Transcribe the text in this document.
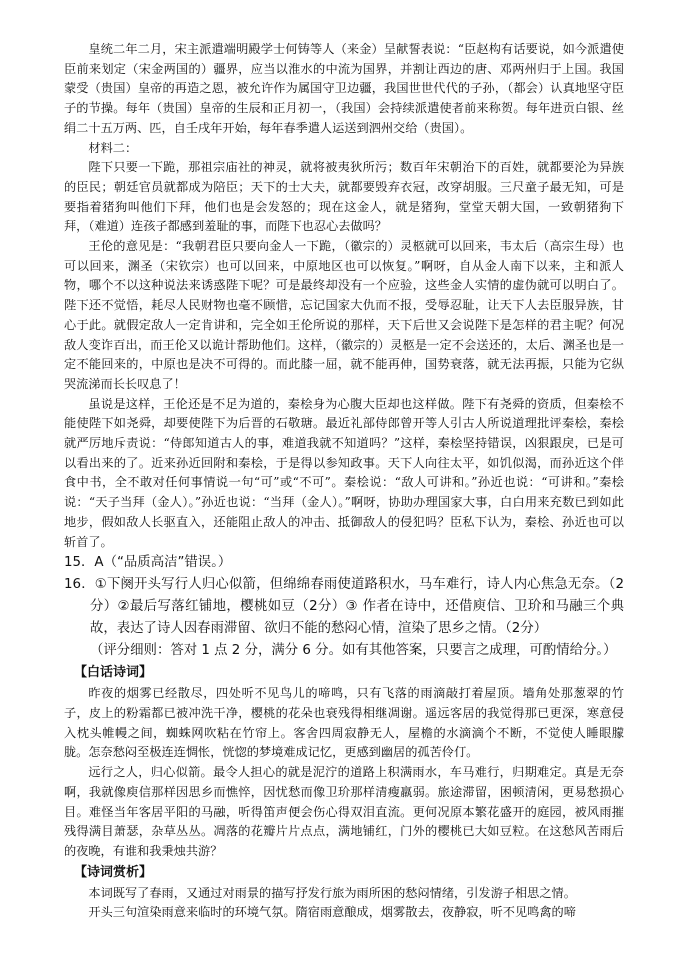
皇统二年二月，宋主派遣端明殿学士何铸等人（来金）呈献誓表说：“臣赵构有话要说，如今派遣使臣前来划定（宋金两国的）疆界，应当以淮水的中流为国界，并割让西边的唐、邓两州归于上国。我国蒙受（贵国）皇帝的再造之恩，被允许作为属国守卫边疆，我国世世代代的子孙，（都会）认真地坚守臣子的节操。每年（贵国）皇帝的生辰和正月初一，（我国）会持续派遣使者前来称贺。每年进贡白银、丝绢二十五万两、匹，自壬戌年开始，每年春季遣人运送到泗州交给（贵国）。

材料二：

陛下只要一下跪，那祖宗庙社的神灵，就将被夷狄所污；数百年宋朝治下的百姓，就都要沦为异族的臣民；朝廷官员就都成为陪臣；天下的士大夫，就都要毁弃衣冠，改穿胡服。三尺童子最无知，可是要指着猪狗叫他们下拜，他们也是会发怒的；现在这金人，就是猪狗，堂堂天朝大国，一致朝猪狗下拜，（难道）连孩子都感到羞耻的事，而陛下也忍心去做吗？

王伦的意见是：“我朝君臣只要向金人一下跪，（徽宗的）灵柩就可以回来，韦太后（高宗生母）也可以回来，渊圣（宋钦宗）也可以回来，中原地区也可以恢复。”啊呀，自从金人南下以来，主和派人物，哪个不以这种说法来诱惑陛下呢？可是最终却没有一个应验，这些金人实情的虚伪就可以明白了。陛下还不觉悟，耗尽人民财物也毫不顾惜，忘记国家大仇而不报，受辱忍耻，让天下人去臣服异族，甘心于此。就假定敌人一定肯讲和，完全如王伦所说的那样，天下后世又会说陛下是怎样的君主呢？何况敌人变诈百出，而王伦又以诡计帮助他们。这样，（徽宗的）灵柩是一定不会送还的，太后、渊圣也是一定不能回来的，中原也是决不可得的。而此膝一屈，就不能再伸，国势衰落，就无法再振，只能为它纵哭流涕而长长叹息了！

虽说是这样，王伦还是不足为道的，秦桧身为心腹大臣却也这样做。陛下有尧舜的资质，但秦桧不能使陛下如尧舜，却要使陛下为后晋的石敬瑭。最近礼部侍郎曾开等人引古人所说道理批评秦桧，秦桧就严厉地斥责说：“侍郎知道古人的事，难道我就不知道吗？”这样，秦桧坚持错误，凶狠跟戾，已是可以看出来的了。近来孙近回附和秦桧，于是得以参知政事。天下人向往太平，如饥似渴，而孙近这个伴食中书，全不敢对任何事情说一句“可”或“不可”。秦桧说：“敌人可讲和。”孙近也说：“可讲和。”秦桧说：“天子当拜（金人）。”孙近也说：“当拜（金人）。”啊呀，协助办理国家大事，白白用来充数已到如此地步，假如敌人长驱直入，还能阻止敌人的冲击、抵御敌人的侵犯吗？臣私下认为，秦桧、孙近也可以斩首了。

15．A（“品质高洁”错误。）

16．①下阕开头写行人归心似箭，但绵绵春雨使道路积水，马车难行，诗人内心焦急无奈。（2分）②最后写落红铺地，樱桃如豆（2分）③ 作者在诗中，还借庾信、卫玠和马融三个典故，表达了诗人因春雨滞留、欲归不能的愁闷心情，渲染了思乡之情。（2分）

（评分细则：答对 1 点 2 分，满分 6 分。如有其他答案，只要言之成理，可酌情给分。）

【白话诗词】

昨夜的烟雾已经散尽，四处听不见鸟儿的啼鸣，只有飞落的雨滴敲打着屋顶。墙角处那葱翠的竹子，皮上的粉霜都已被冲洗干净，樱桃的花朵也衰残得相继凋谢。遥远客居的我觉得那已更深，寒意侵入枕头帷幔之间，蜘蛛网吹粘在竹帘上。客舍四周寂静无人，屋檐的水滴滴个不断，不觉使人睡眼朦胧。怎奈愁闷至极连连惆怅，恍惚的梦境难成记忆，更感到幽居的孤苦伶仃。

远行之人，归心似箭。最令人担心的就是泥泞的道路上积满雨水，车马难行，归期难定。真是无奈啊，我就像庾信那样因思乡而憔悴，因忧愁而像卫玠那样清瘦羸弱。旅途滞留，困顿清闲，更易愁损心目。难怪当年客居平阳的马融，听得笛声便会伤心得双泪直流。更何况原本繁花盛开的庭园，被风雨摧残得满目萧瑟，杂草丛丛。凋落的花瓣片片点点，满地铺红，门外的樱桃已大如豆粒。在这愁风苦雨后的夜晚，有谁和我秉烛共游？

【诗词赏析】

本词既写了春雨，又通过对雨景的描写抒发行旅为雨所困的愁闷情绪，引发游子相思之情。

开头三句渲染雨意来临时的环境气氛。隋宿雨意酿成，烟雾散去，夜静寂，听不见鸣禽的啼
